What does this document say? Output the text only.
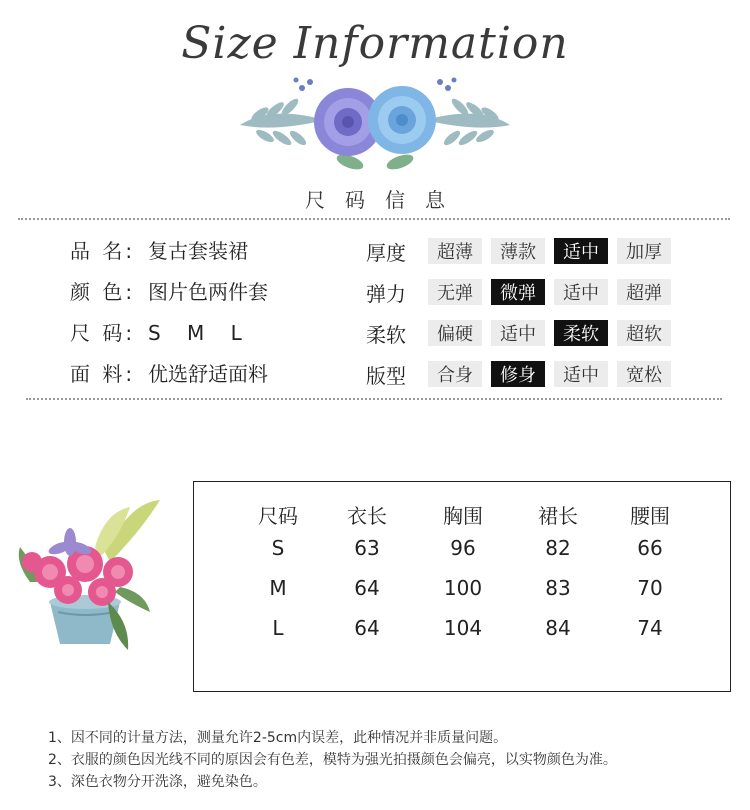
Size Information
尺码信息
品 名: 复古套装裙
颜 色: 图片色两件套
尺 码: S M L
面 料: 优选舒适面料
厚度	超薄	薄款	适中	加厚
弹力	无弹	微弹	适中	超弹
柔软	偏硬	适中	柔软	超软
版型	合身	修身	适中	宽松
尺码	衣长	胸围	裙长	腰围
S	63	96	82	66
M	64	100	83	70
L	64	104	84	74
1、因不同的计量方法，测量允许2-5cm内误差，此种情况并非质量问题。
2、衣服的颜色因光线不同的原因会有色差，模特为强光拍摄颜色会偏亮，以实物颜色为准。
3、深色衣物分开洗涤，避免染色。
